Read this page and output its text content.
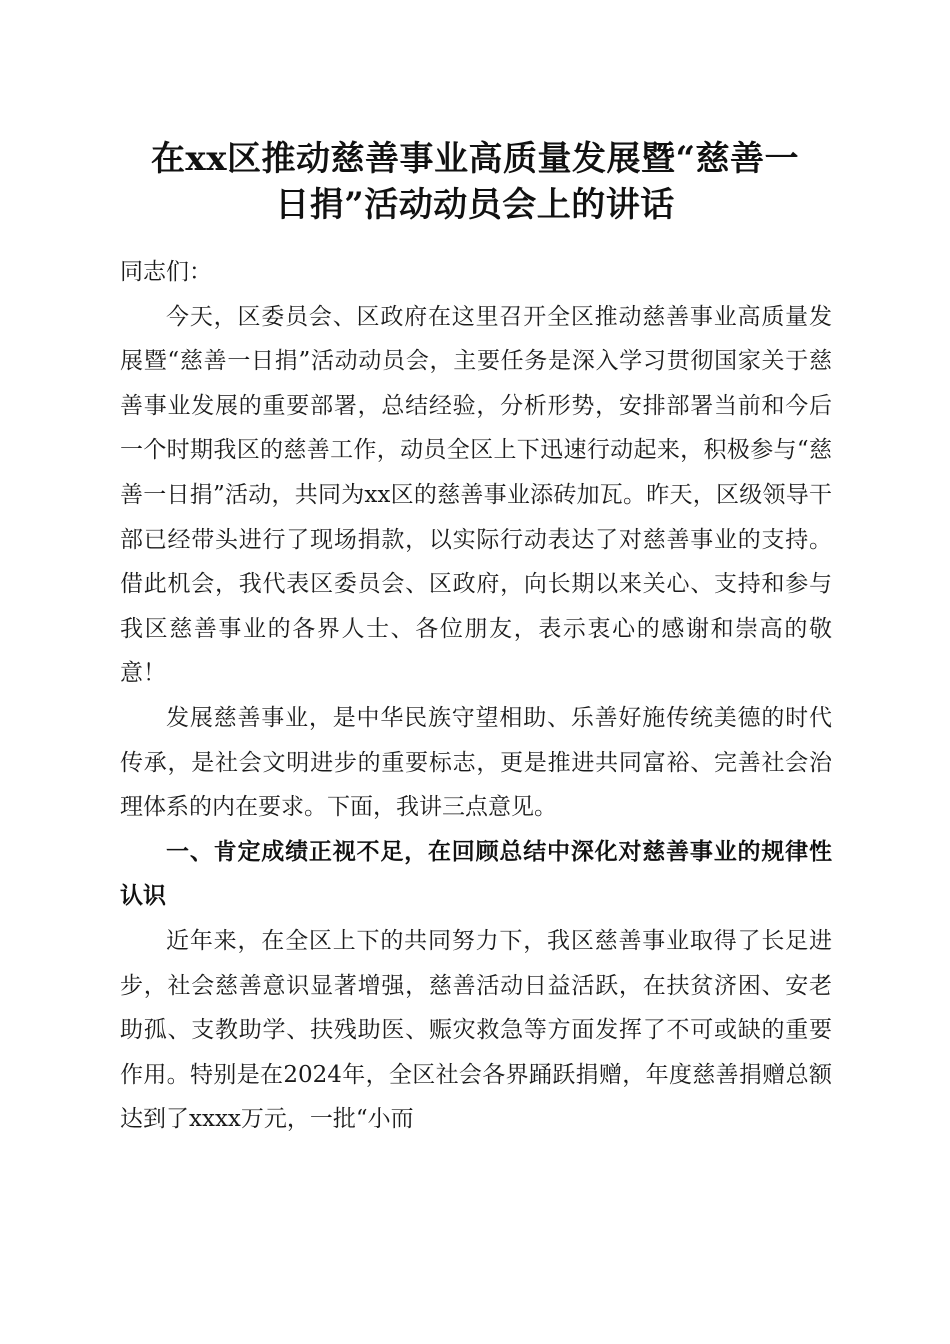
在xx区推动慈善事业高质量发展暨“慈善一
日捐”活动动员会上的讲话

同志们：

今天，区委员会、区政府在这里召开全区推动慈善事业高质量发展暨“慈善一日捐”活动动员会，主要任务是深入学习贯彻国家关于慈善事业发展的重要部署，总结经验，分析形势，安排部署当前和今后一个时期我区的慈善工作，动员全区上下迅速行动起来，积极参与“慈善一日捐”活动，共同为xx区的慈善事业添砖加瓦。昨天，区级领导干部已经带头进行了现场捐款，以实际行动表达了对慈善事业的支持。借此机会，我代表区委员会、区政府，向长期以来关心、支持和参与我区慈善事业的各界人士、各位朋友，表示衷心的感谢和崇高的敬意！

发展慈善事业，是中华民族守望相助、乐善好施传统美德的时代传承，是社会文明进步的重要标志，更是推进共同富裕、完善社会治理体系的内在要求。下面，我讲三点意见。

一、肯定成绩正视不足，在回顾总结中深化对慈善事业的规律性认识

近年来，在全区上下的共同努力下，我区慈善事业取得了长足进步，社会慈善意识显著增强，慈善活动日益活跃，在扶贫济困、安老助孤、支教助学、扶残助医、赈灾救急等方面发挥了不可或缺的重要作用。特别是在2024年，全区社会各界踊跃捐赠，年度慈善捐赠总额达到了xxxx万元，一批“小而
